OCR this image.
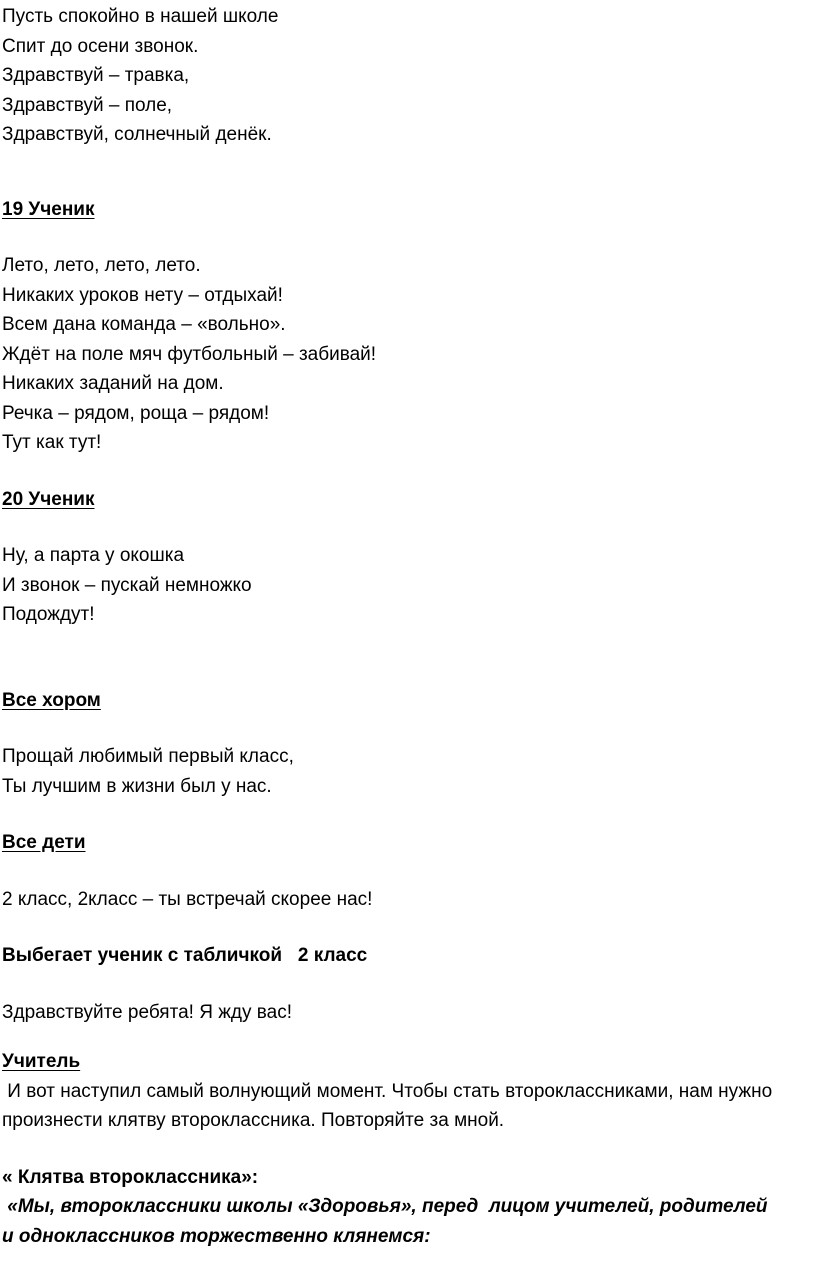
Пусть спокойно в нашей школе
Спит до осени звонок.
Здравствуй – травка,
Здравствуй – поле,
Здравствуй, солнечный денёк.
19 Ученик
Лето, лето, лето, лето.
Никаких уроков нету – отдыхай!
Всем дана команда – «вольно».
Ждёт на поле мяч футбольный – забивай!
Никаких заданий на дом.
Речка – рядом, роща – рядом!
Тут как тут!
20 Ученик
Ну, а парта у окошка
И звонок – пускай немножко
Подождут!
Все хором
Прощай любимый первый класс,
Ты лучшим в жизни был у нас.
Все дети
2 класс, 2класс – ты встречай скорее нас!
Выбегает ученик с табличкой   2 класс
Здравствуйте ребята! Я жду вас!
Учитель
И вот наступил самый волнующий момент. Чтобы стать второклассниками, нам нужно произнести клятву второклассника. Повторяйте за мной.
« Клятва второклассника»:
«Мы, второклассники школы «Здоровья», перед  лицом учителей, родителей и одноклассников торжественно клянемся:
